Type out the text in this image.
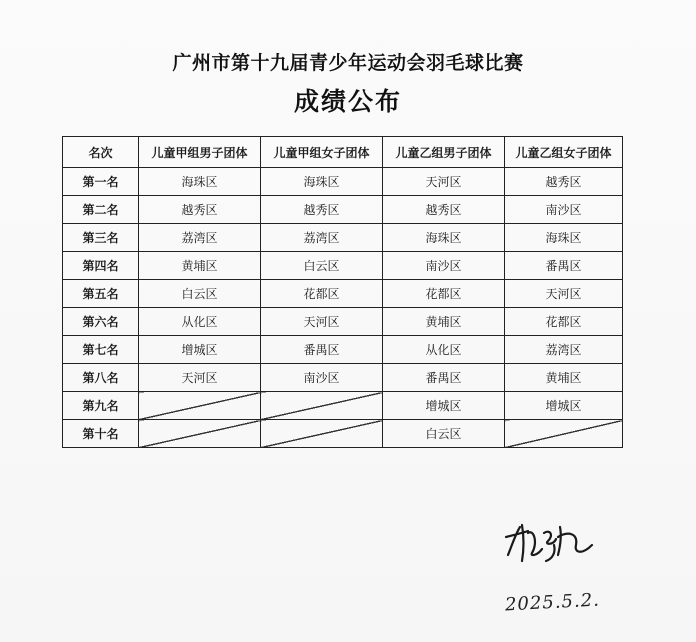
广州市第十九届青少年运动会羽毛球比赛
成绩公布
名次	儿童甲组男子团体	儿童甲组女子团体	儿童乙组男子团体	儿童乙组女子团体
第一名	海珠区	海珠区	天河区	越秀区
第二名	越秀区	越秀区	越秀区	南沙区
第三名	荔湾区	荔湾区	海珠区	海珠区
第四名	黄埔区	白云区	南沙区	番禺区
第五名	白云区	花都区	花都区	天河区
第六名	从化区	天河区	黄埔区	花都区
第七名	增城区	番禺区	从化区	荔湾区
第八名	天河区	南沙区	番禺区	黄埔区
第九名			增城区	增城区
第十名			白云区	
2025.5.2.
